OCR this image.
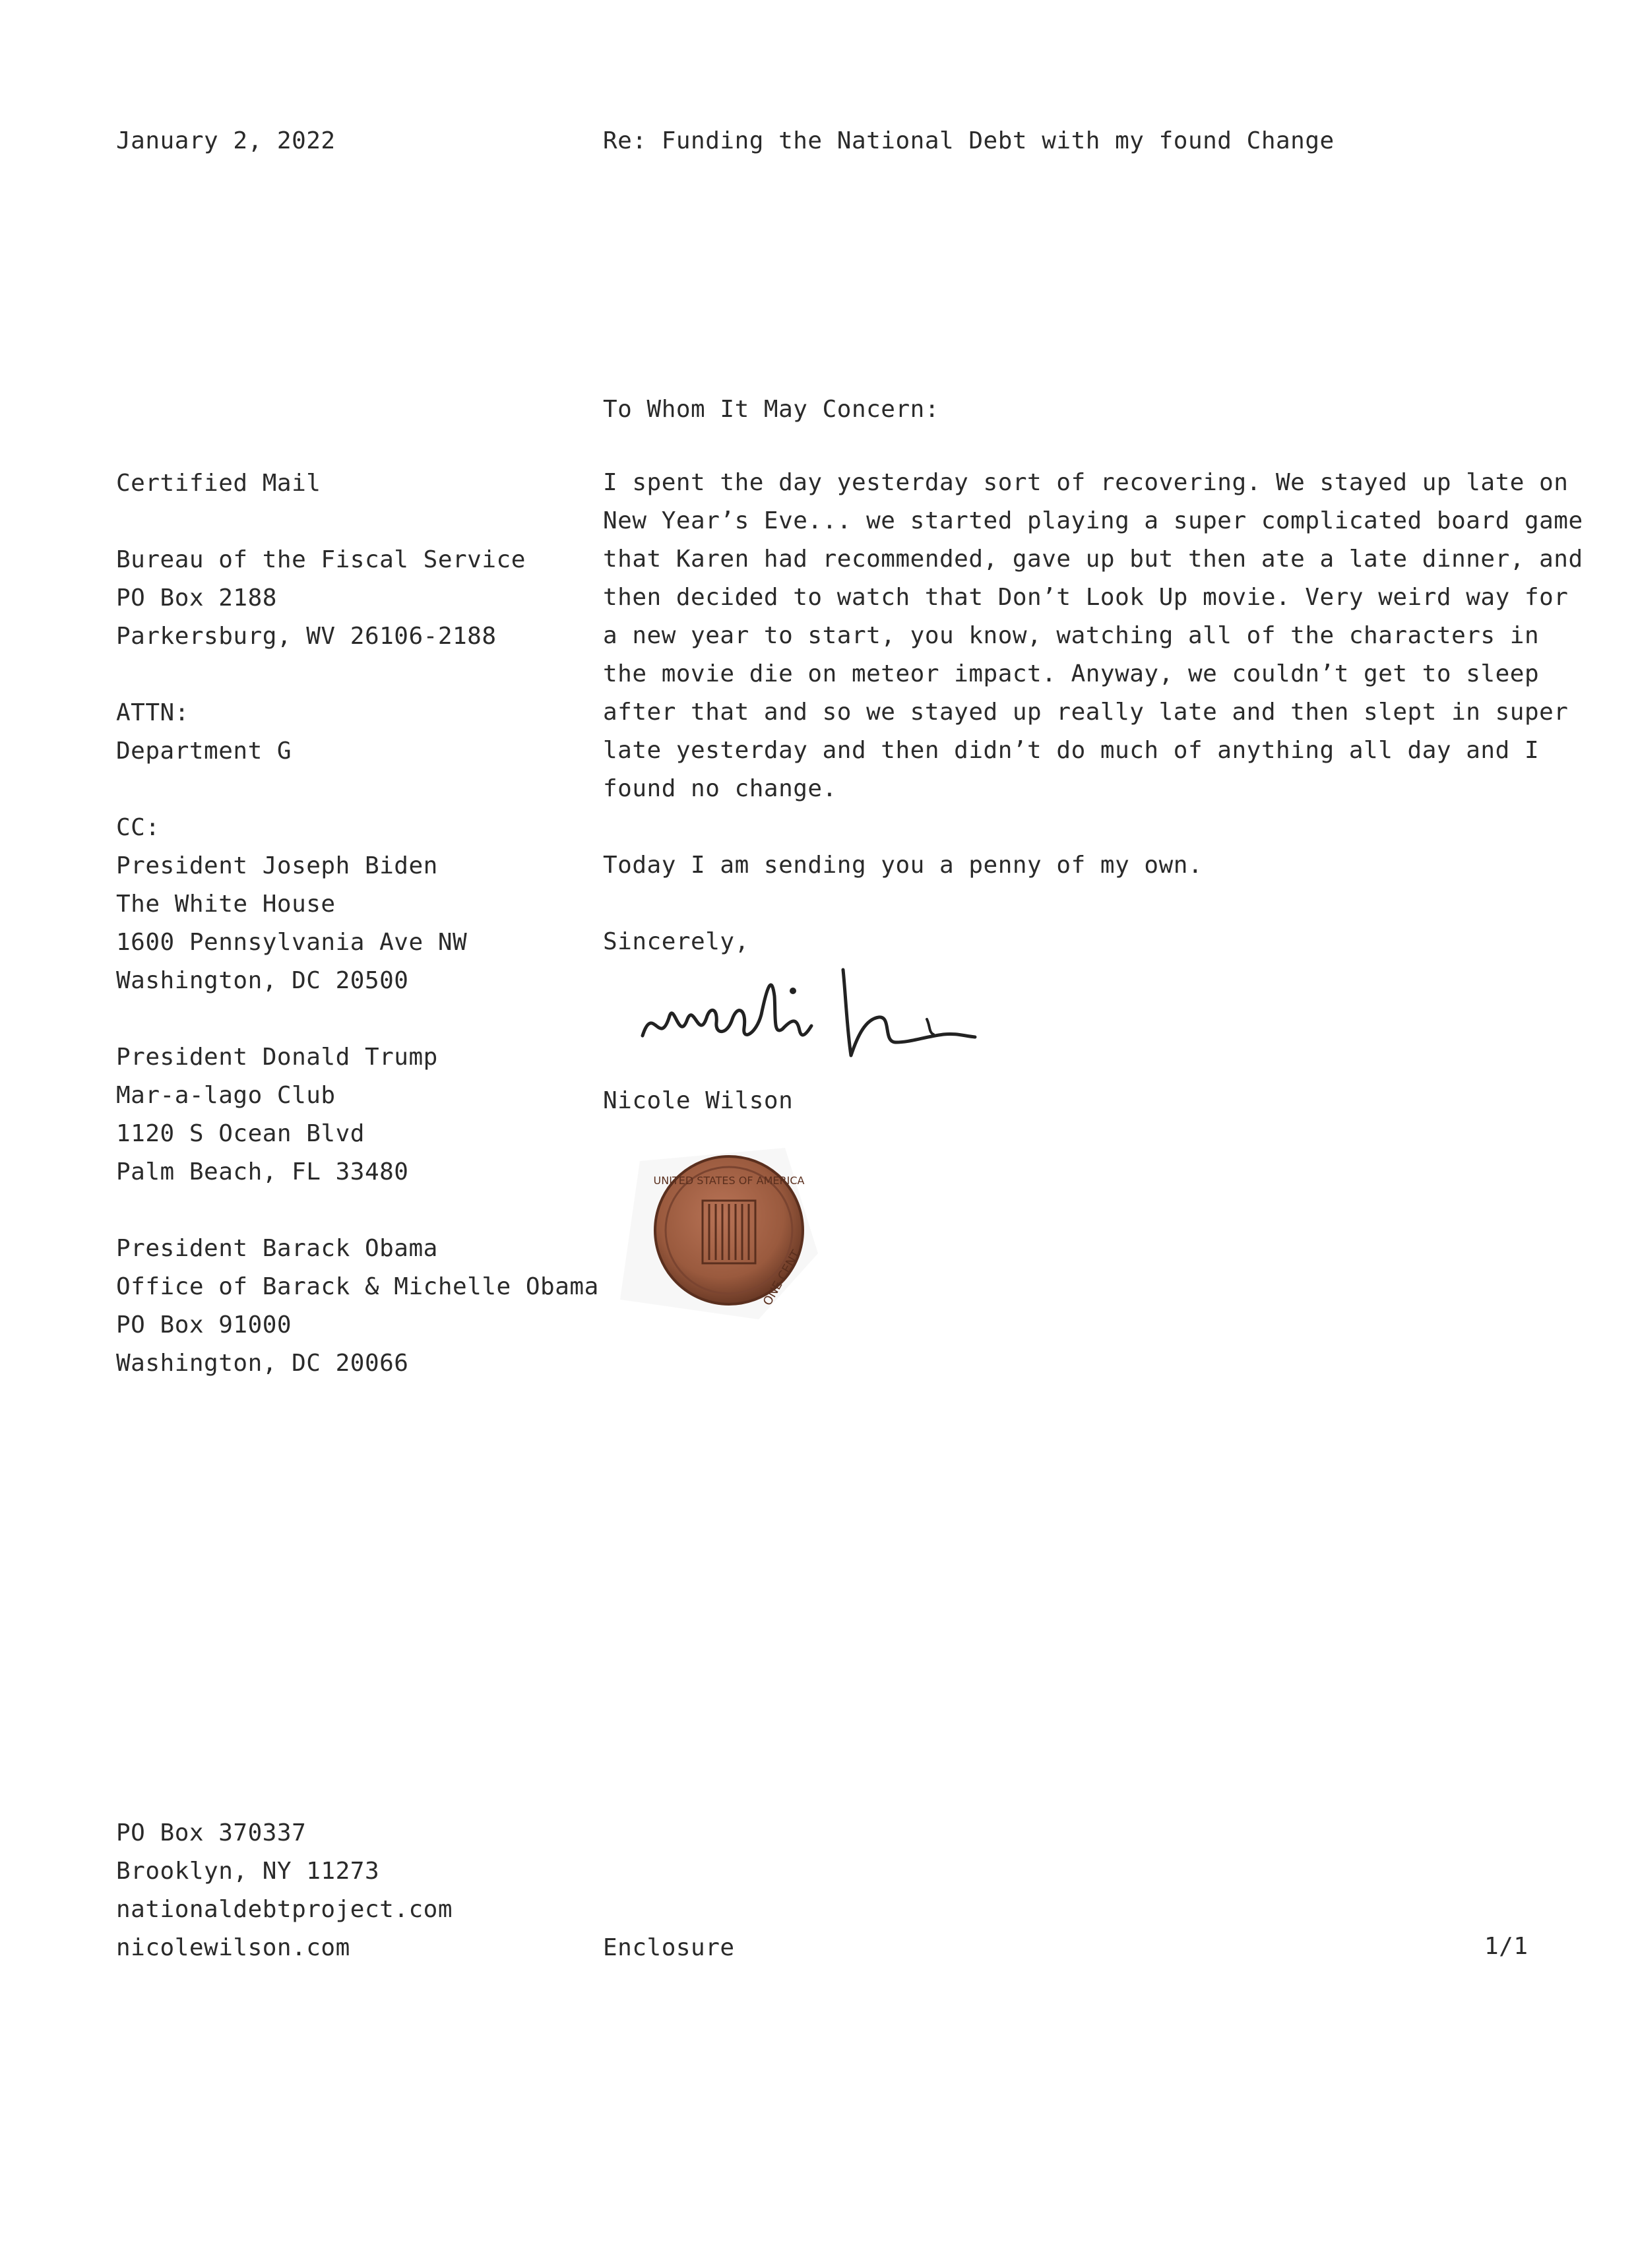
January 2, 2022	Re: Funding the National Debt with my found Change
To Whom It May Concern:
Certified Mail
Bureau of the Fiscal Service
PO Box 2188
Parkersburg, WV 26106-2188
ATTN:
Department G
CC:
President Joseph Biden
The White House
1600 Pennsylvania Ave NW
Washington, DC 20500
President Donald Trump
Mar-a-lago Club
1120 S Ocean Blvd
Palm Beach, FL 33480
President Barack Obama
Office of Barack & Michelle Obama
PO Box 91000
Washington, DC 20066
I spent the day yesterday sort of recovering. We stayed up late on
New Year’s Eve... we started playing a super complicated board game
that Karen had recommended, gave up but then ate a late dinner, and
then decided to watch that Don’t Look Up movie. Very weird way for
a new year to start, you know, watching all of the characters in
the movie die on meteor impact. Anyway, we couldn’t get to sleep
after that and so we stayed up really late and then slept in super
late yesterday and then didn’t do much of anything all day and I
found no change.
Today I am sending you a penny of my own.
Sincerely,
Nicole Wilson
UNITED STATES OF AMERICA
ONE CENT
PO Box 370337
Brooklyn, NY 11273
nationaldebtproject.com
nicolewilson.com	Enclosure	1/1
